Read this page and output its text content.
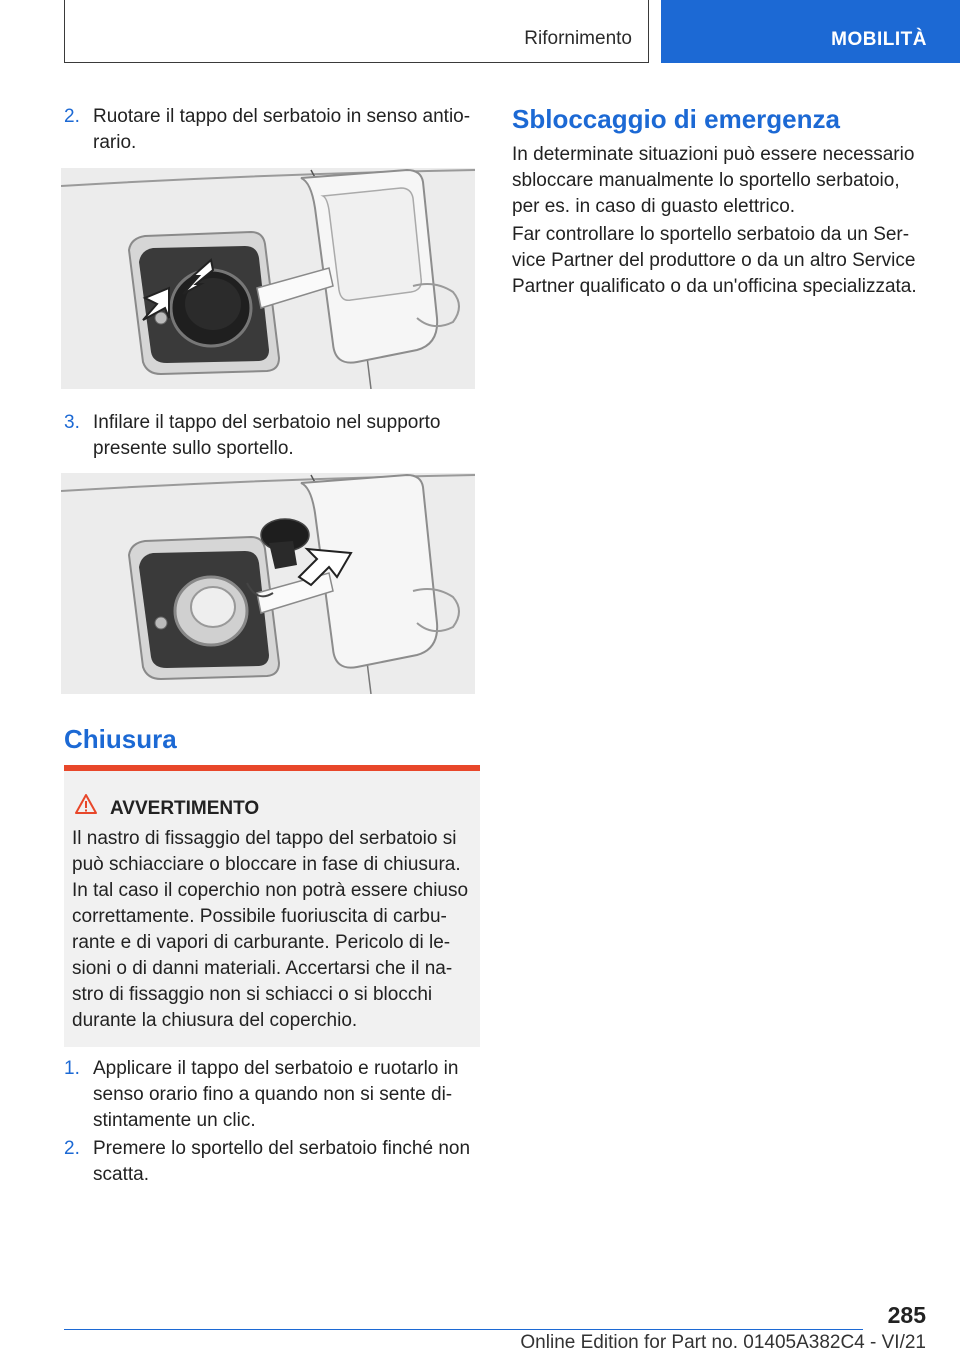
Rifornimento	MOBILITÀ
2. Ruotare il tappo del serbatoio in senso antio‐ rario.
3. Infilare il tappo del serbatoio nel supporto presente sullo sportello.
Chiusura
AVVERTIMENTO
Il nastro di fissaggio del tappo del serbatoio si può schiacciare o bloccare in fase di chiusura. In tal caso il coperchio non potrà essere chiuso correttamente. Possibile fuoriuscita di carbu‐ rante e di vapori di carburante. Pericolo di le‐ sioni o di danni materiali. Accertarsi che il na‐ stro di fissaggio non si schiacci o si blocchi durante la chiusura del coperchio.
1. Applicare il tappo del serbatoio e ruotarlo in senso orario fino a quando non si sente di‐ stintamente un clic.
2. Premere lo sportello del serbatoio finché non scatta.
Sbloccaggio di emergenza
In determinate situazioni può essere necessario sbloccare manualmente lo sportello serbatoio, per es. in caso di guasto elettrico.
Far controllare lo sportello serbatoio da un Ser‐ vice Partner del produttore o da un altro Service Partner qualificato o da un'officina specializzata.
285
Online Edition for Part no. 01405A382C4 - VI/21
